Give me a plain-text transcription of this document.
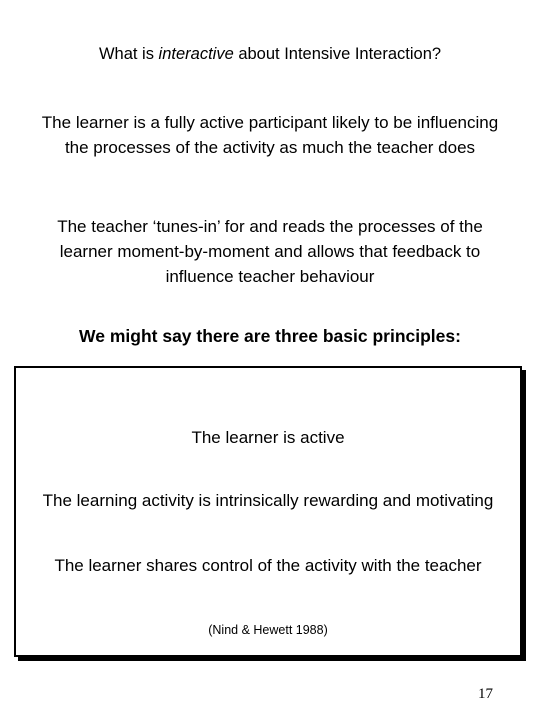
What is interactive about Intensive Interaction?
The learner is a fully active participant likely to be influencing the processes of the activity as much the teacher does
The teacher ‘tunes-in’ for and reads the processes of the learner moment-by-moment and allows that feedback to influence teacher behaviour
We might say there are three basic principles:
The learner is active
The learning activity is intrinsically rewarding and motivating
The learner shares control of the activity with the teacher
(Nind & Hewett 1988)
17
